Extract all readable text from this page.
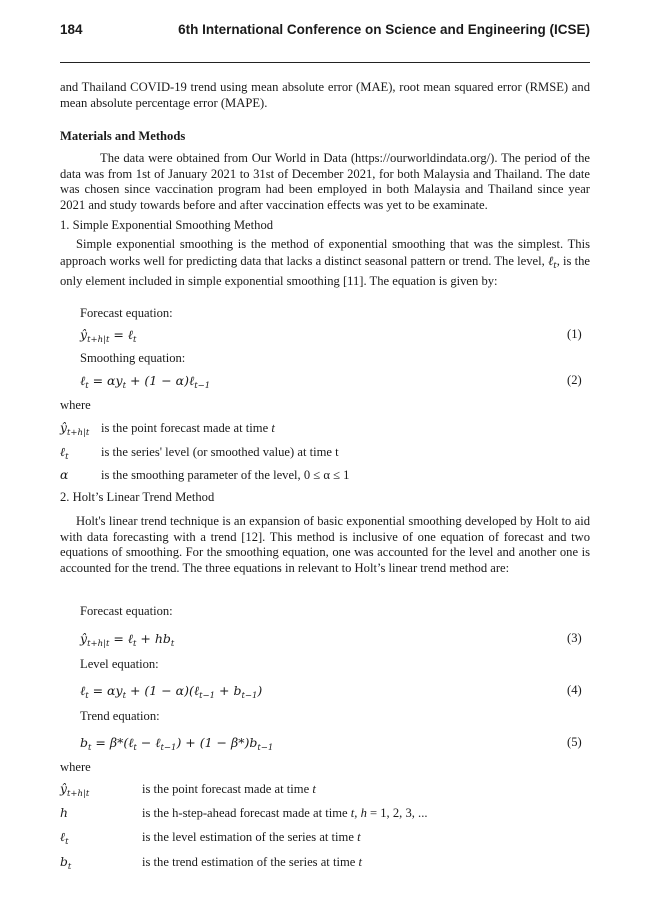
184	6th International Conference on Science and Engineering (ICSE)
and Thailand COVID-19 trend using mean absolute error (MAE), root mean squared error (RMSE) and mean absolute percentage error (MAPE).
Materials and Methods
The data were obtained from Our World in Data (https://ourworldindata.org/). The period of the data was from 1st of January 2021 to 31st of December 2021, for both Malaysia and Thailand. The date was chosen since vaccination program had been employed in both Malaysia and Thailand since year 2021 and study towards before and after vaccination effects was yet to be examinate.
1. Simple Exponential Smoothing Method
Simple exponential smoothing is the method of exponential smoothing that was the simplest. This approach works well for predicting data that lacks a distinct seasonal pattern or trend. The level, ℓ$_t$, is the only element included in simple exponential smoothing [11]. The equation is given by:
Forecast equation:
$ŷ_{t+h|t}$ = ℓ$_t$	(1)
Smoothing equation:
ℓ$_t$ = $\alpha y_t + (1$ − α)ℓ$_{t-1}$	(2)
where
$ŷ_{t+h|t}$ is the point forecast made at time t
ℓ$_t$	is the series' level (or smoothed value) at time t
α	is the smoothing parameter of the level, 0 ≤ α ≤ 1
2. Holt’s Linear Trend Method
Holt's linear trend technique is an expansion of basic exponential smoothing developed by Holt to aid with data forecasting with a trend [12]. This method is inclusive of one equation of forecast and two equations of smoothing. For the smoothing equation, one was accounted for the level and another one is accounted for the trend. The three equations in relevant to Holt’s linear trend method are:
Forecast equation:
$ŷ_{t+h|t}$ = ℓ$_t$ + $hb_t$	(3)
Level equation:
ℓ$_t$ = $\alpha y_t + (1$ − α)(ℓ$_{t-1}$ + $b_{t-1}$)	(4)
Trend equation:
$b_t$ = β*(ℓ$_t$ − ℓ$_{t-1}$) + $(1 - \beta*)b_{t-1}$	(5)
where
$ŷ_{t+h|t}$	is the point forecast made at time t
h	is the h-step-ahead forecast made at time t, h = 1, 2, 3, ...
ℓ$_t$	is the level estimation of the series at time t
$b_t$	is the trend estimation of the series at time t
